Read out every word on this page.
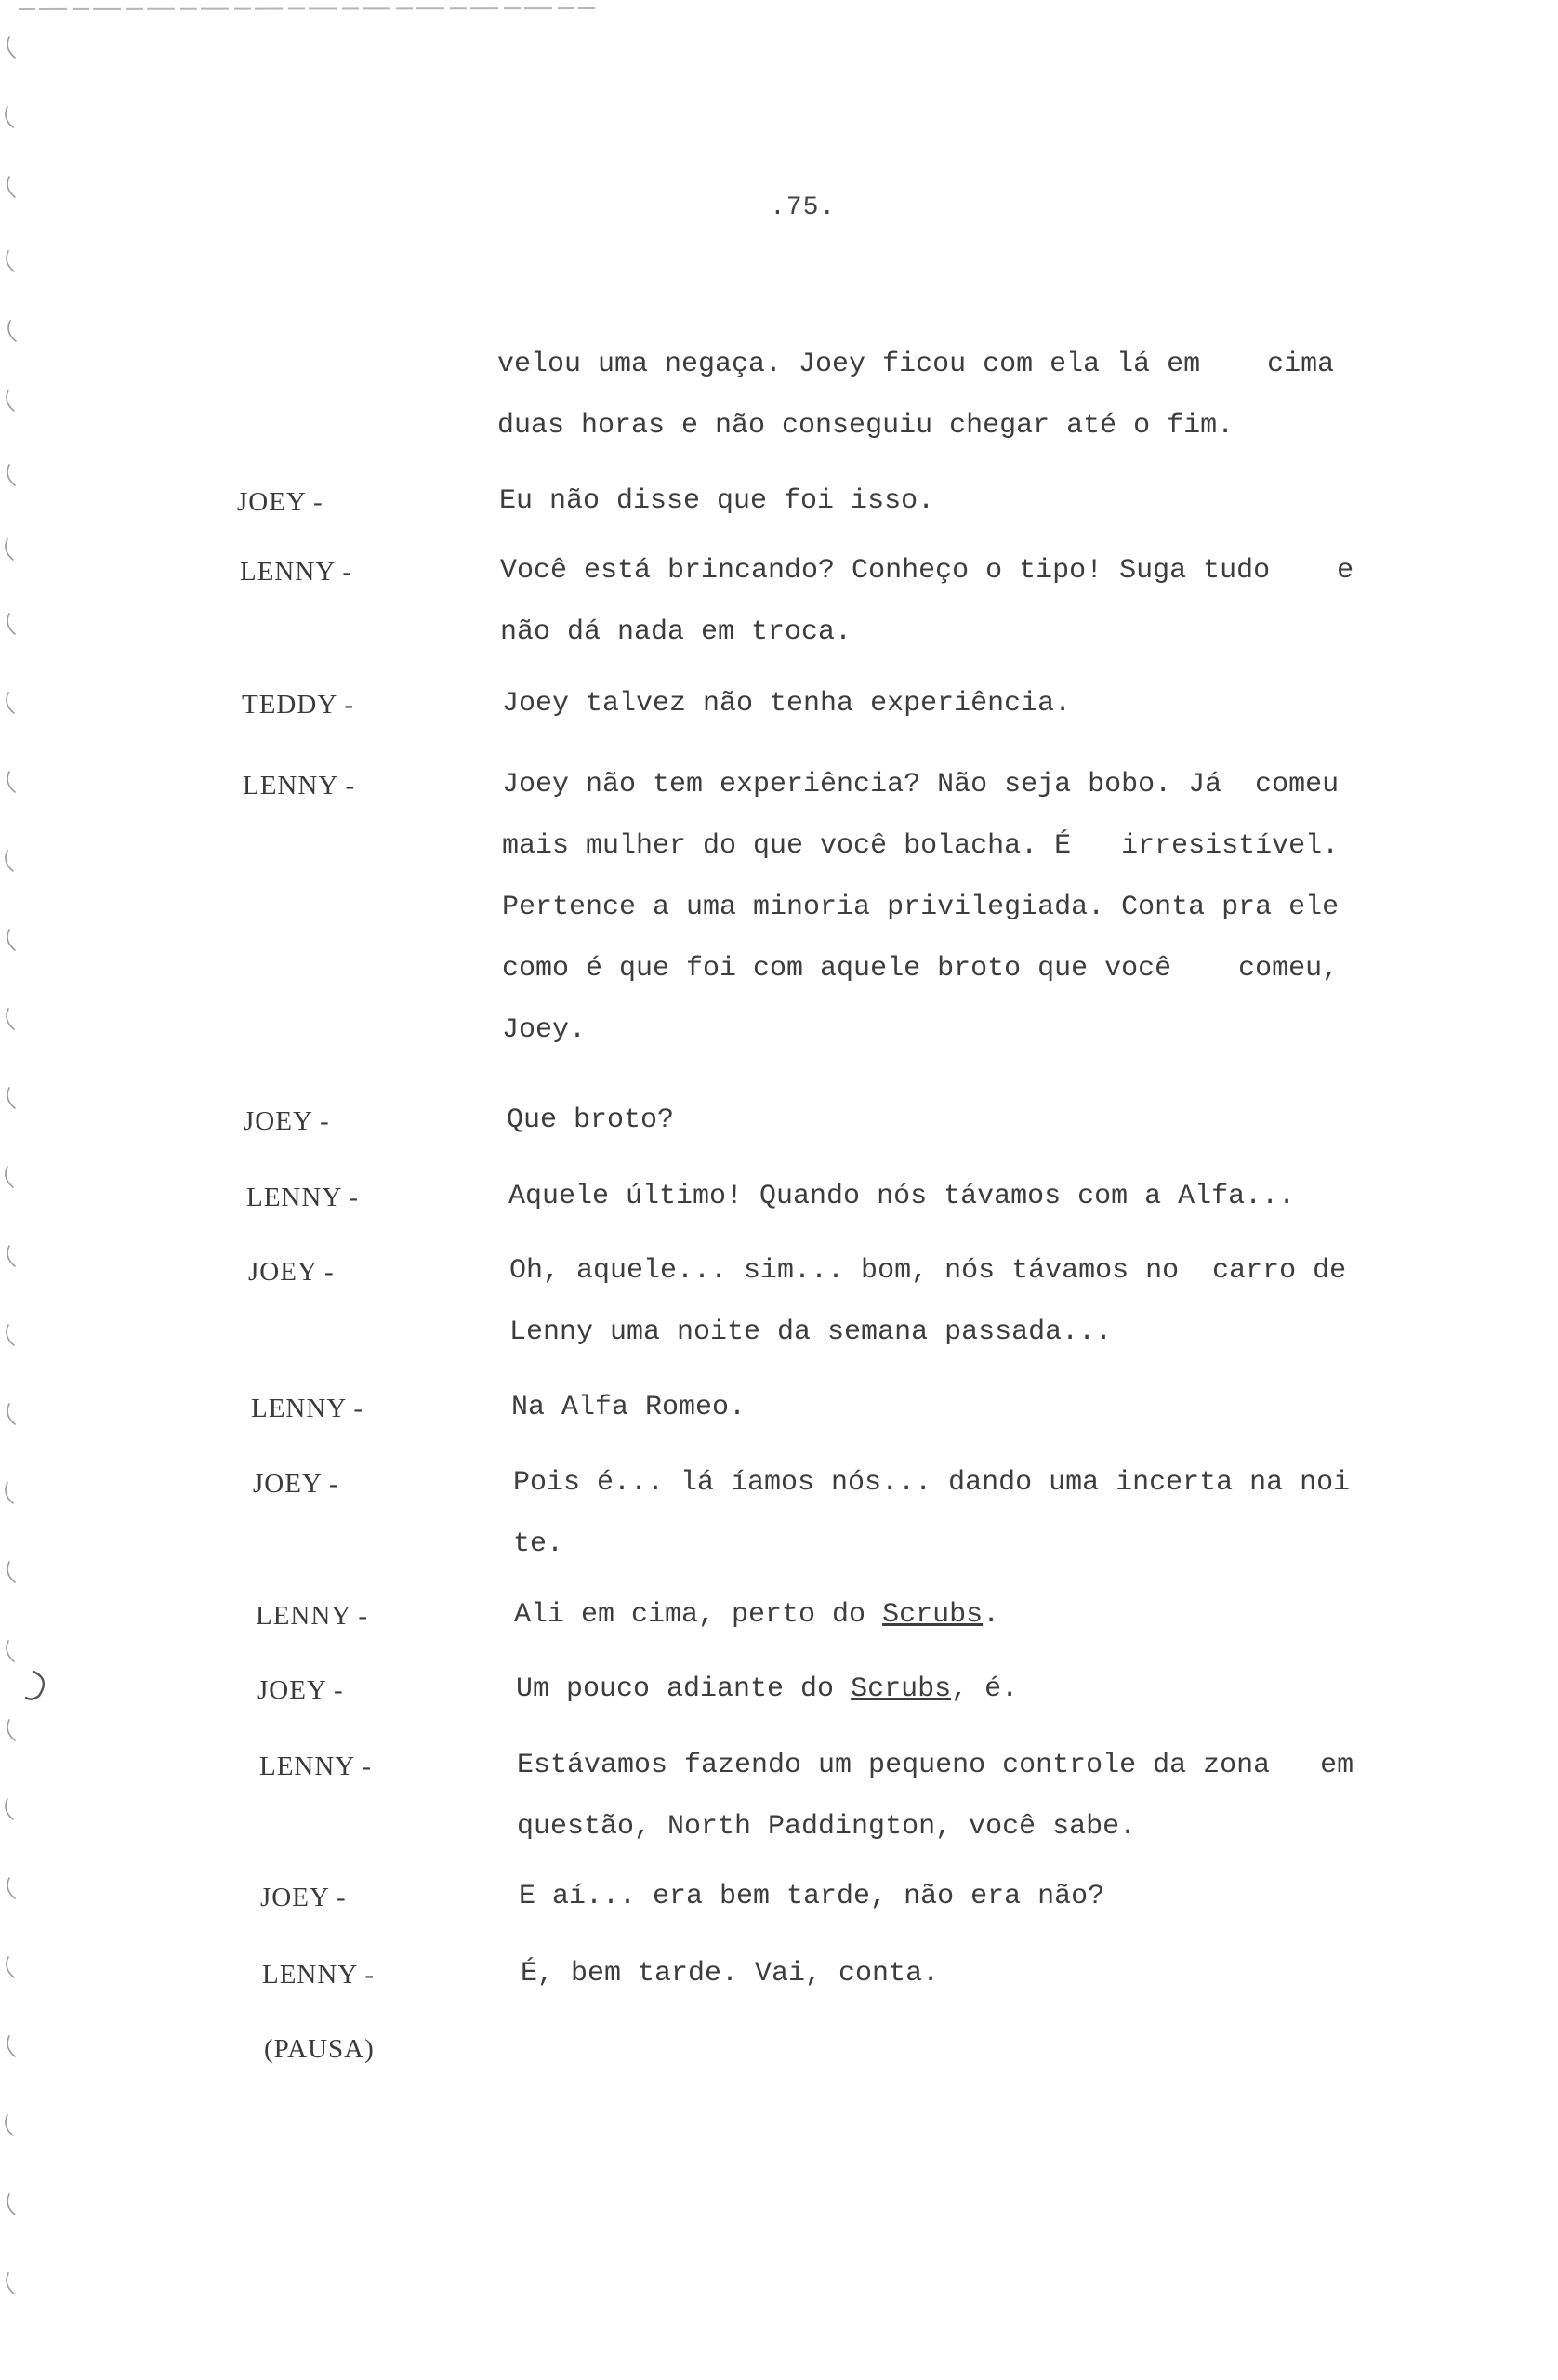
.75.
velou uma negaça. Joey ficou com ela lá em    cima
duas horas e não conseguiu chegar até o fim.
JOEY -	Eu não disse que foi isso.
LENNY -	Você está brincando? Conheço o tipo! Suga tudo    e
não dá nada em troca.
TEDDY -	Joey talvez não tenha experiência.
LENNY -	Joey não tem experiência? Não seja bobo. Já  comeu
mais mulher do que você bolacha. É   irresistível.
Pertence a uma minoria privilegiada. Conta pra ele
como é que foi com aquele broto que você    comeu,
Joey.
JOEY -	Que broto?
LENNY -	Aquele último! Quando nós távamos com a Alfa...
JOEY -	Oh, aquele... sim... bom, nós távamos no  carro de
Lenny uma noite da semana passada...
LENNY -	Na Alfa Romeo.
JOEY -	Pois é... lá íamos nós... dando uma incerta na noi
te.
LENNY -	Ali em cima, perto do Scrubs.
JOEY -	Um pouco adiante do Scrubs, é.
LENNY -	Estávamos fazendo um pequeno controle da zona   em
questão, North Paddington, você sabe.
JOEY -	E aí... era bem tarde, não era não?
LENNY -	É, bem tarde. Vai, conta.
(PAUSA)
